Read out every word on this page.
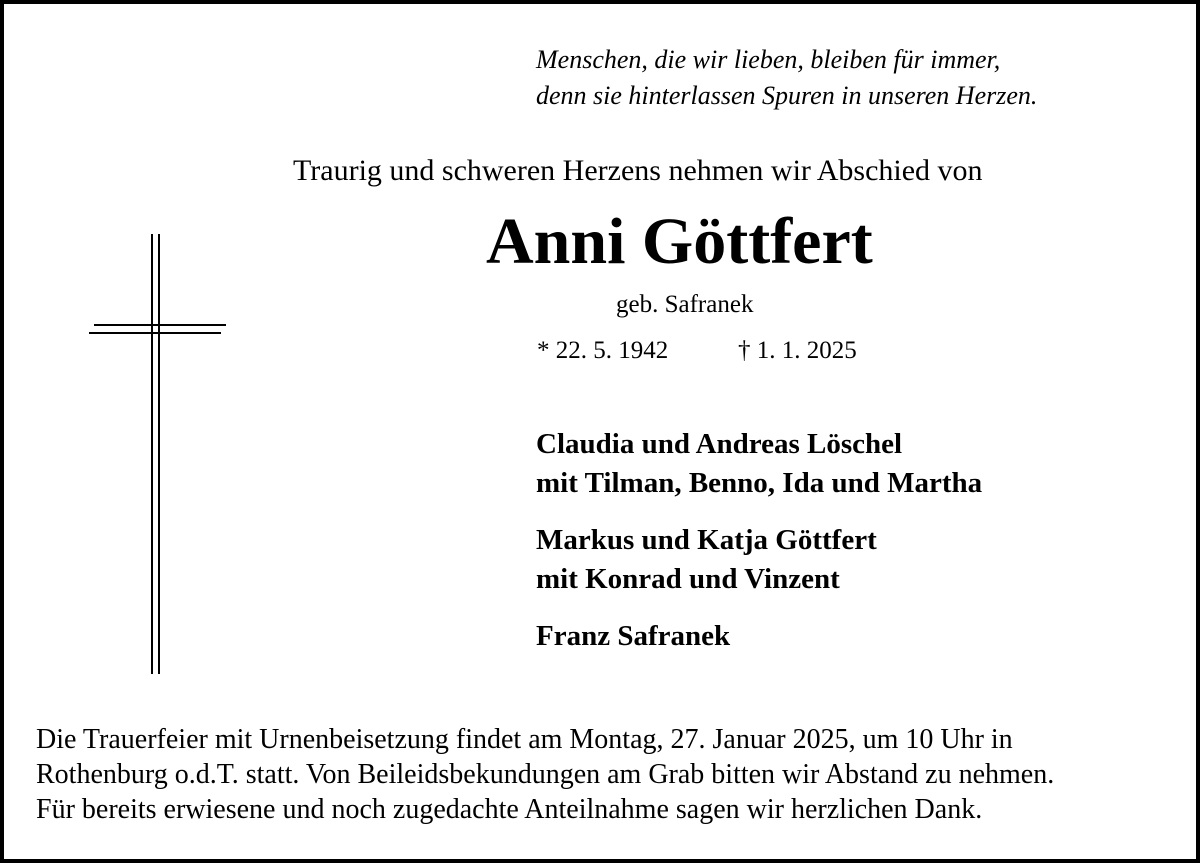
Menschen, die wir lieben, bleiben für immer,
denn sie hinterlassen Spuren in unseren Herzen.
Traurig und schweren Herzens nehmen wir Abschied von
Anni Göttfert
geb. Safranek
* 22. 5. 1942	† 1. 1. 2025
Claudia und Andreas Löschel
mit Tilman, Benno, Ida und Martha
Markus und Katja Göttfert
mit Konrad und Vinzent
Franz Safranek
Die Trauerfeier mit Urnenbeisetzung findet am Montag, 27. Januar 2025, um 10 Uhr in
Rothenburg o.d.T. statt. Von Beileidsbekundungen am Grab bitten wir Abstand zu nehmen.
Für bereits erwiesene und noch zugedachte Anteilnahme sagen wir herzlichen Dank.
